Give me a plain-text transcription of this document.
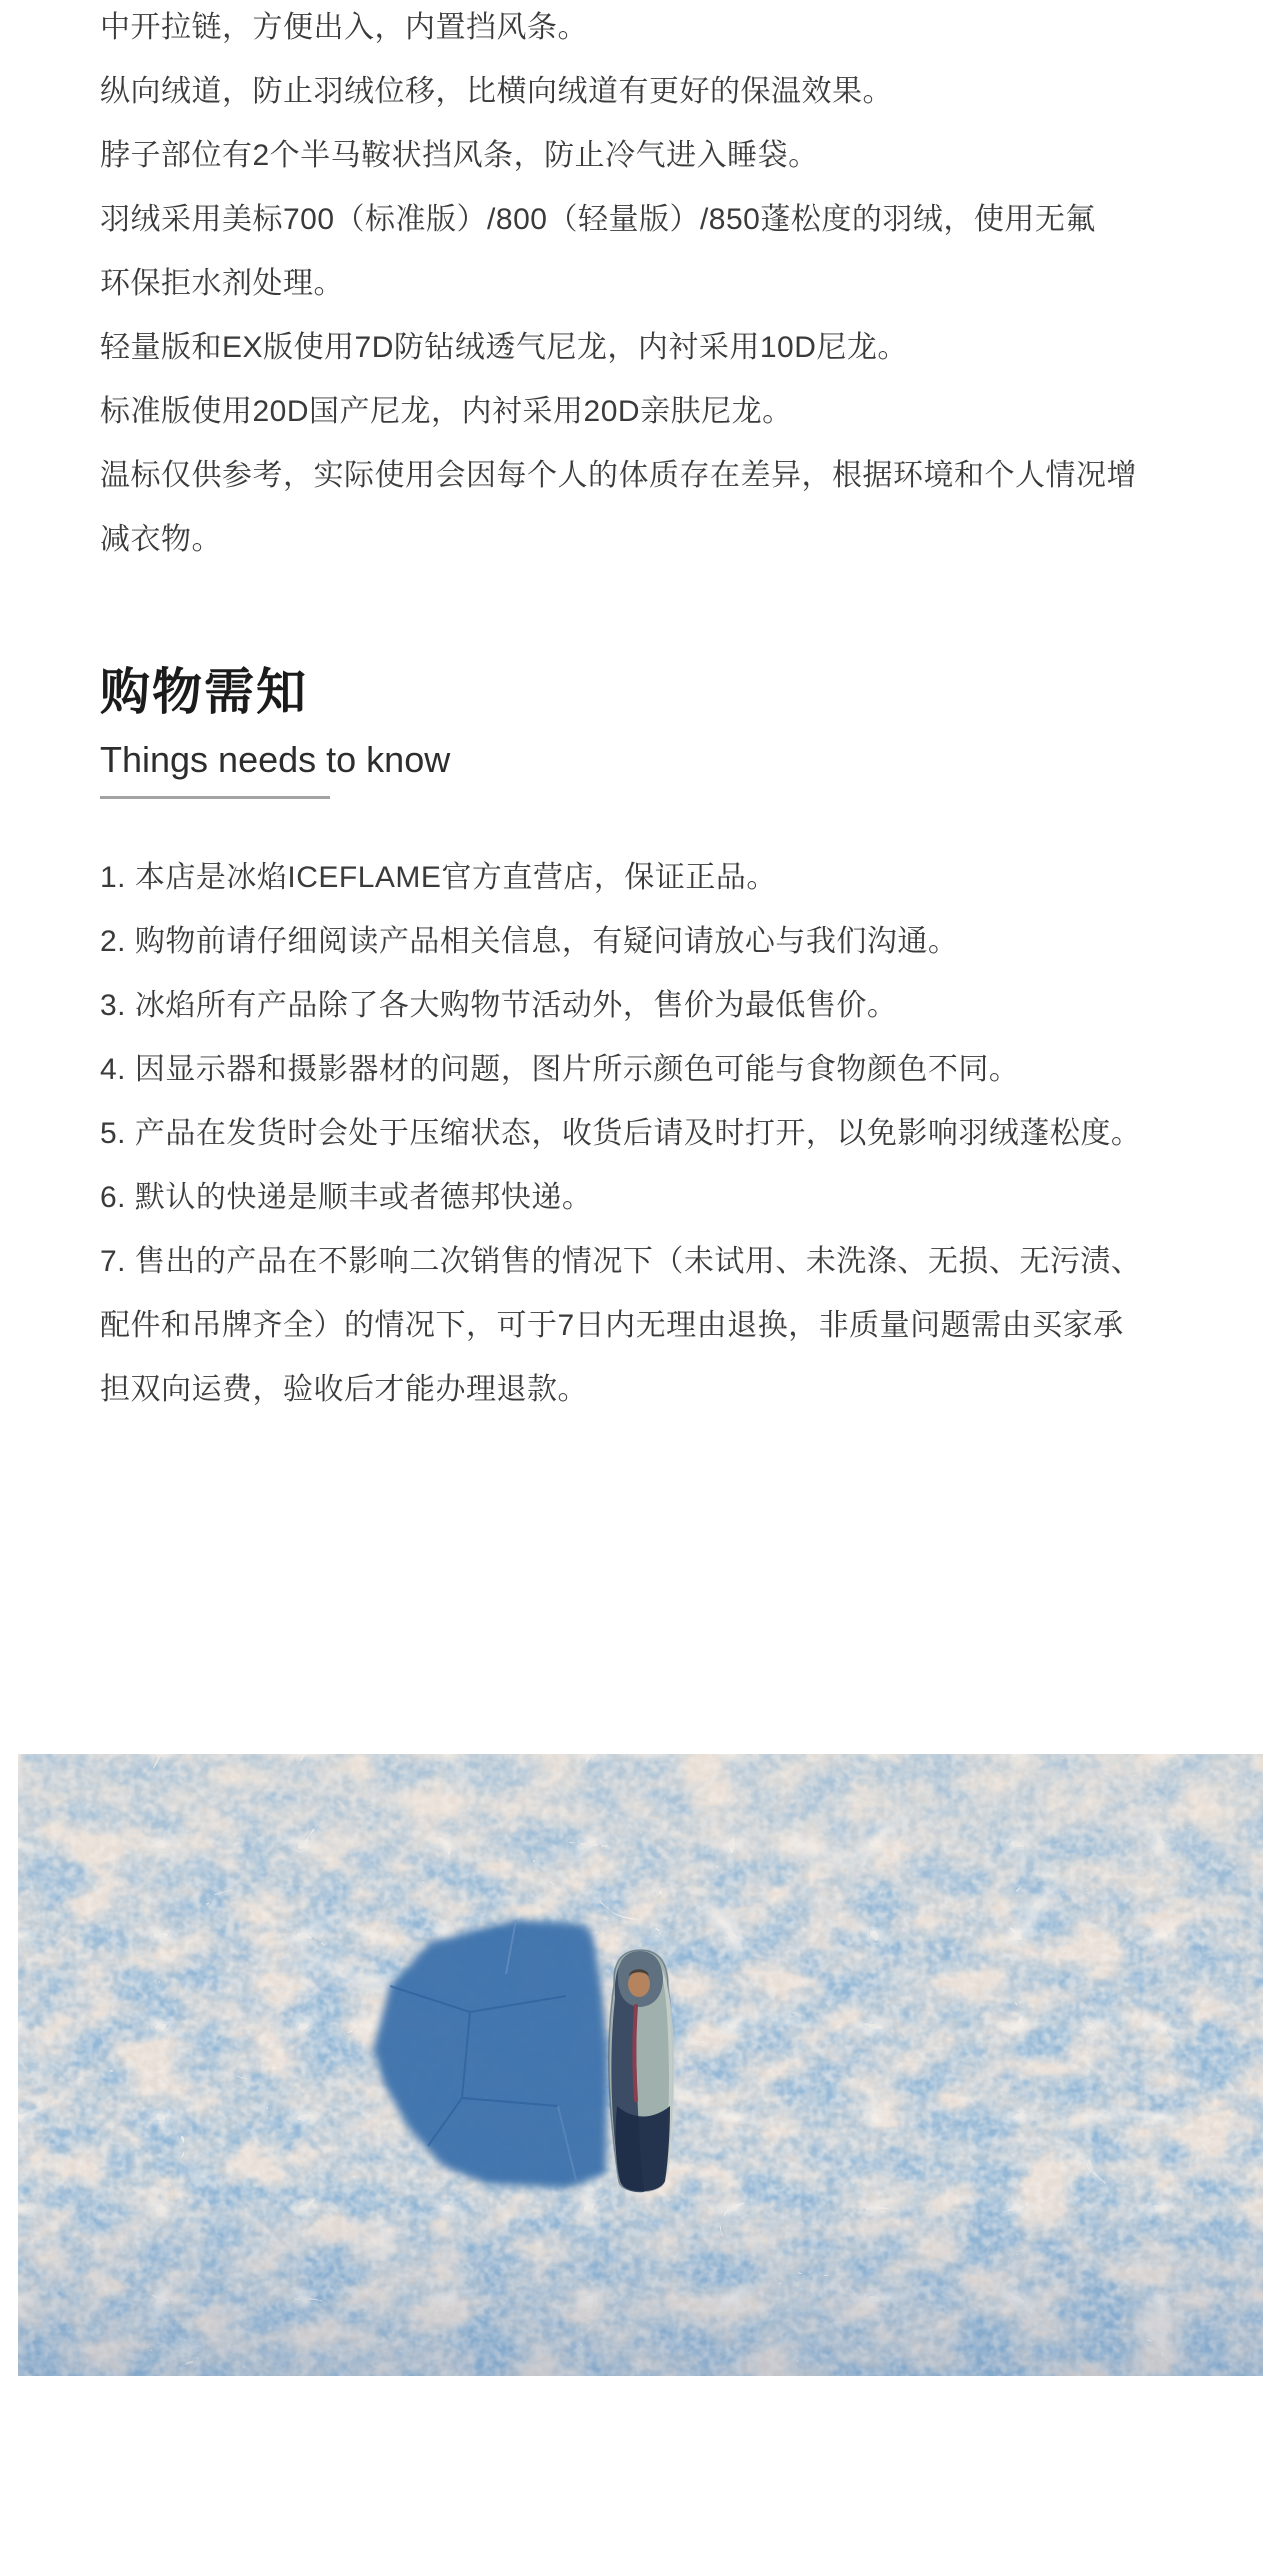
中开拉链，方便出入，内置挡风条。
纵向绒道，防止羽绒位移，比横向绒道有更好的保温效果。
脖子部位有2个半马鞍状挡风条，防止冷气进入睡袋。
羽绒采用美标700（标准版）/800（轻量版）/850蓬松度的羽绒，使用无氟
环保拒水剂处理。
轻量版和EX版使用7D防钻绒透气尼龙，内衬采用10D尼龙。
标准版使用20D国产尼龙，内衬采用20D亲肤尼龙。
温标仅供参考，实际使用会因每个人的体质存在差异，根据环境和个人情况增
减衣物。
购物需知
Things needs to know
1. 本店是冰焰ICEFLAME官方直营店，保证正品。
2. 购物前请仔细阅读产品相关信息，有疑问请放心与我们沟通。
3. 冰焰所有产品除了各大购物节活动外，售价为最低售价。
4. 因显示器和摄影器材的问题，图片所示颜色可能与食物颜色不同。
5. 产品在发货时会处于压缩状态，收货后请及时打开，以免影响羽绒蓬松度。
6. 默认的快递是顺丰或者德邦快递。
7. 售出的产品在不影响二次销售的情况下（未试用、未洗涤、无损、无污渍、
配件和吊牌齐全）的情况下，可于7日内无理由退换，非质量问题需由买家承
担双向运费，验收后才能办理退款。
